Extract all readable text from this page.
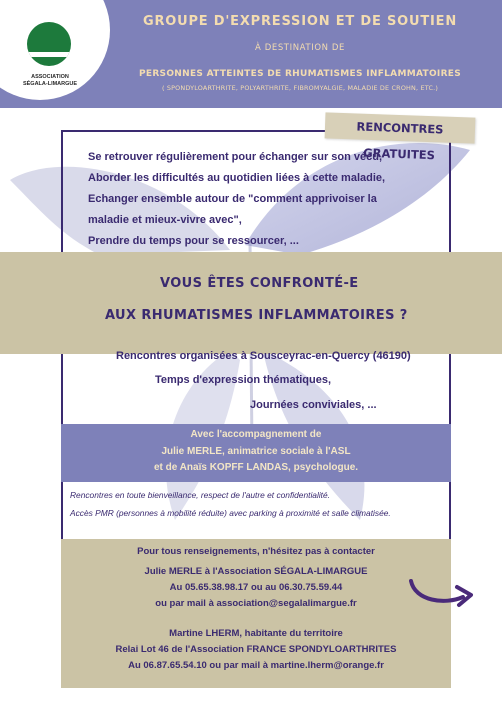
ASSOCIATION
SÉGALA-LIMARGUE
GROUPE D'EXPRESSION ET DE SOUTIEN
À DESTINATION DE
PERSONNES ATTEINTES DE RHUMATISMES INFLAMMATOIRES
( SPONDYLOARTHRITE, POLYARTHRITE, FIBROMYALGIE, MALADIE DE CROHN, ETC.)
RENCONTRES GRATUITES
Se retrouver régulièrement pour échanger sur son vécu,
Aborder les difficultés au quotidien liées à cette maladie,
Echanger ensemble autour de "comment apprivoiser la
maladie et mieux-vivre avec",
Prendre du temps pour se ressourcer, ...
VOUS ÊTES CONFRONTÉ-E
AUX RHUMATISMES INFLAMMATOIRES ?
Rencontres organisées à Sousceyrac-en-Quercy (46190)
Temps d'expression thématiques,
Journées conviviales, ...
Avec l'accompagnement de
Julie MERLE, animatrice sociale à l'ASL
et de Anaïs KOPFF LANDAS, psychologue.

Rencontres en toute bienveillance, respect de l'autre et confidentialité.

Accès PMR (personnes à mobilité réduite) avec parking à proximité et salle climatisée.

Pour tous renseignements, n'hésitez pas à contacter
Julie MERLE à l'Association SÉGALA-LIMARGUE
Au 05.65.38.98.17 ou au 06.30.75.59.44
ou par mail à association@segalalimargue.fr
Martine LHERM, habitante du territoire
Relai Lot 46 de l'Association FRANCE SPONDYLOARTHRITES
Au 06.87.65.54.10 ou par mail à martine.lherm@orange.fr
